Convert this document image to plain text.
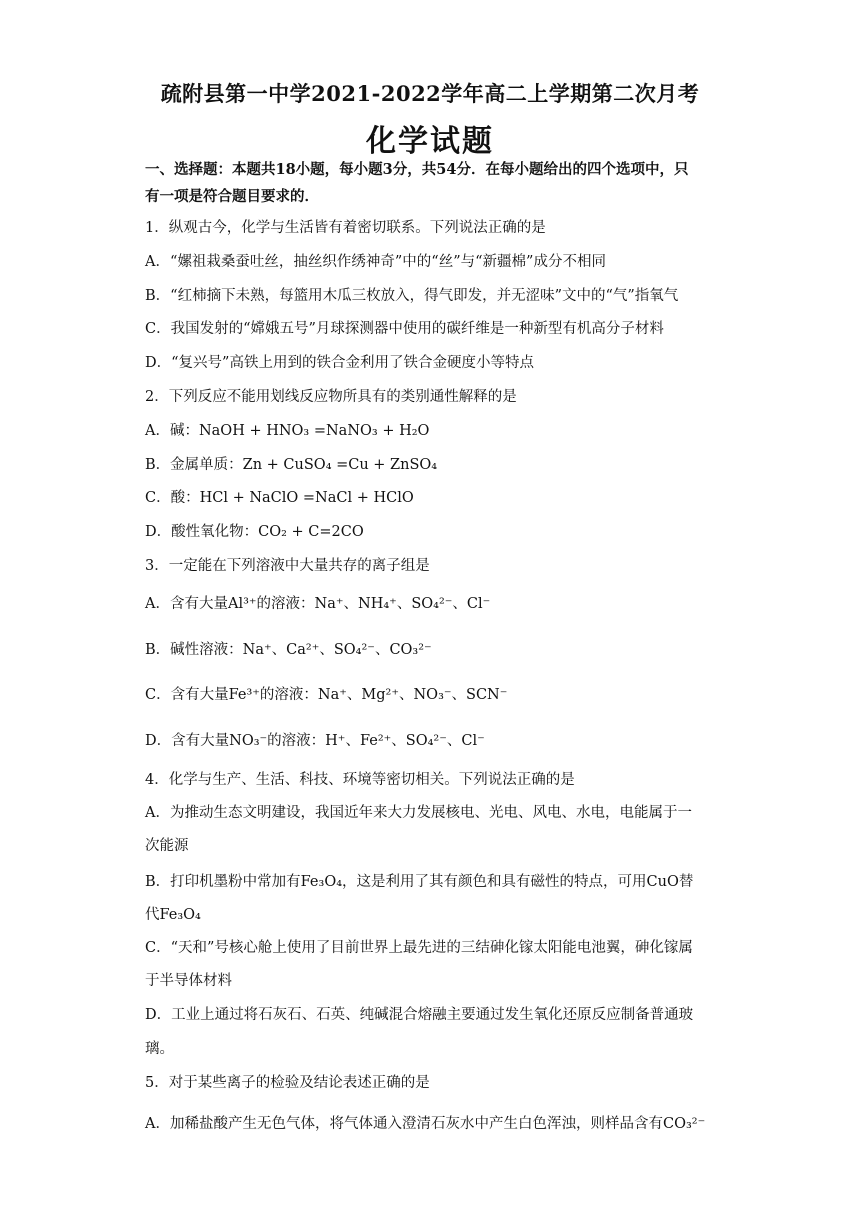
疏附县第一中学2021-2022学年高二上学期第二次月考
化学试题
一、选择题：本题共18小题，每小题3分，共54分．在每小题给出的四个选项中，只
有一项是符合题目要求的．
1．纵观古今，化学与生活皆有着密切联系。下列说法正确的是
A．“嫘祖栽桑蚕吐丝，抽丝织作绣神奇”中的“丝”与“新疆棉”成分不相同
B．“红柿摘下未熟，每篮用木瓜三枚放入，得气即发，并无涩味”文中的“气”指氧气
C．我国发射的“嫦娥五号”月球探测器中使用的碳纤维是一种新型有机高分子材料
D．“复兴号”高铁上用到的铁合金利用了铁合金硬度小等特点
2．下列反应不能用划线反应物所具有的类别通性解释的是
A．碱：NaOH + HNO₃ =NaNO₃ + H₂O
B．金属单质：Zn + CuSO₄ =Cu + ZnSO₄
C．酸：HCl + NaClO =NaCl + HClO
D．酸性氧化物：CO₂ + C=2CO
3．一定能在下列溶液中大量共存的离子组是
A．含有大量Al³⁺的溶液：Na⁺、NH₄⁺、SO₄²⁻、Cl⁻
B．碱性溶液：Na⁺、Ca²⁺、SO₄²⁻、CO₃²⁻
C．含有大量Fe³⁺的溶液：Na⁺、Mg²⁺、NO₃⁻、SCN⁻
D．含有大量NO₃⁻的溶液：H⁺、Fe²⁺、SO₄²⁻、Cl⁻
4．化学与生产、生活、科技、环境等密切相关。下列说法正确的是
A．为推动生态文明建设，我国近年来大力发展核电、光电、风电、水电，电能属于一
次能源
B．打印机墨粉中常加有Fe₃O₄，这是利用了其有颜色和具有磁性的特点，可用CuO替
代Fe₃O₄
C．“天和”号核心舱上使用了目前世界上最先进的三结砷化镓太阳能电池翼，砷化镓属
于半导体材料
D．工业上通过将石灰石、石英、纯碱混合熔融主要通过发生氧化还原反应制备普通玻
璃。
5．对于某些离子的检验及结论表述正确的是
A．加稀盐酸产生无色气体，将气体通入澄清石灰水中产生白色浑浊，则样品含有CO₃²⁻
